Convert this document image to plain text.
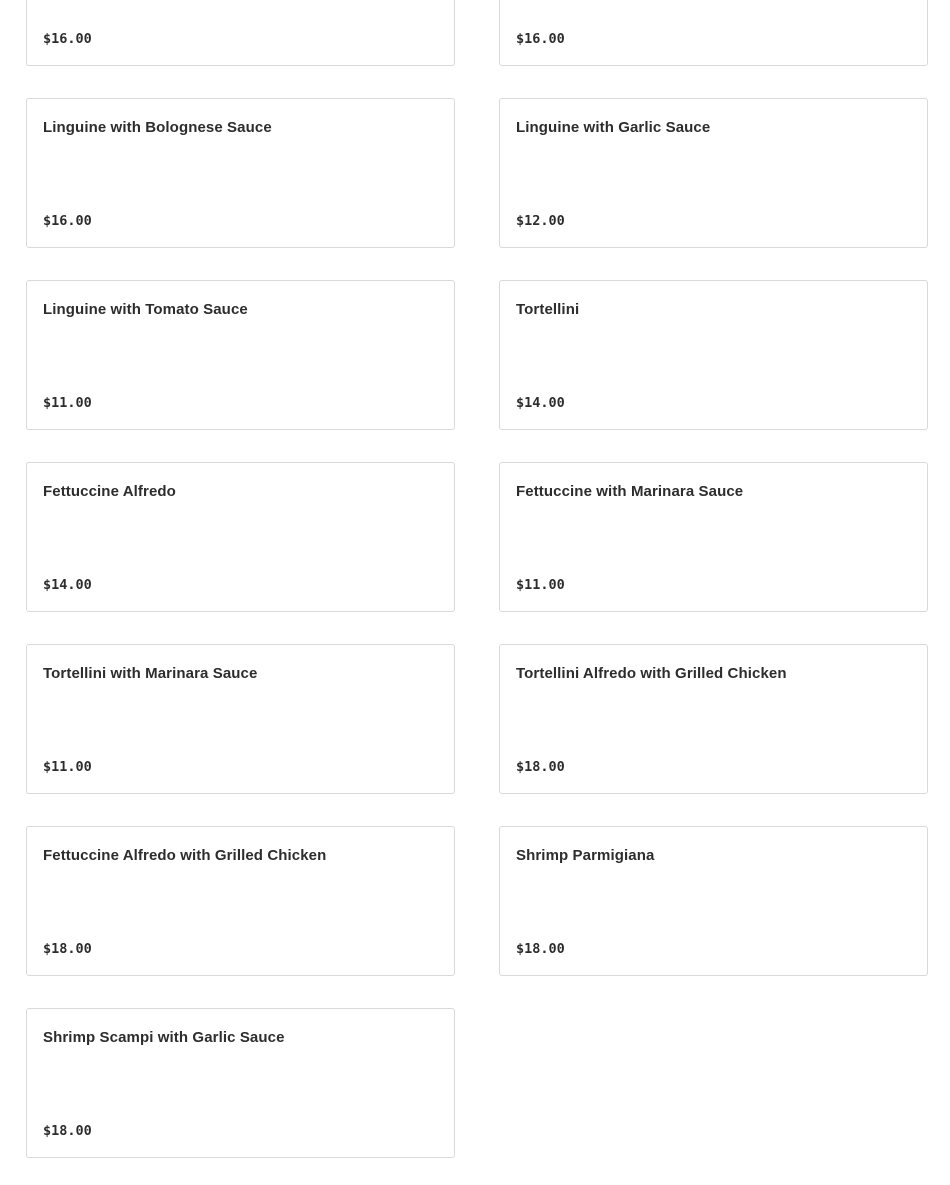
$16.00	$16.00
Linguine with Bolognese Sauce
$16.00
Linguine with Garlic Sauce
$12.00
Linguine with Tomato Sauce
$11.00
Tortellini
$14.00
Fettuccine Alfredo
$14.00
Fettuccine with Marinara Sauce
$11.00
Tortellini with Marinara Sauce
$11.00
Tortellini Alfredo with Grilled Chicken
$18.00
Fettuccine Alfredo with Grilled Chicken
$18.00
Shrimp Parmigiana
$18.00
Shrimp Scampi with Garlic Sauce
$18.00
